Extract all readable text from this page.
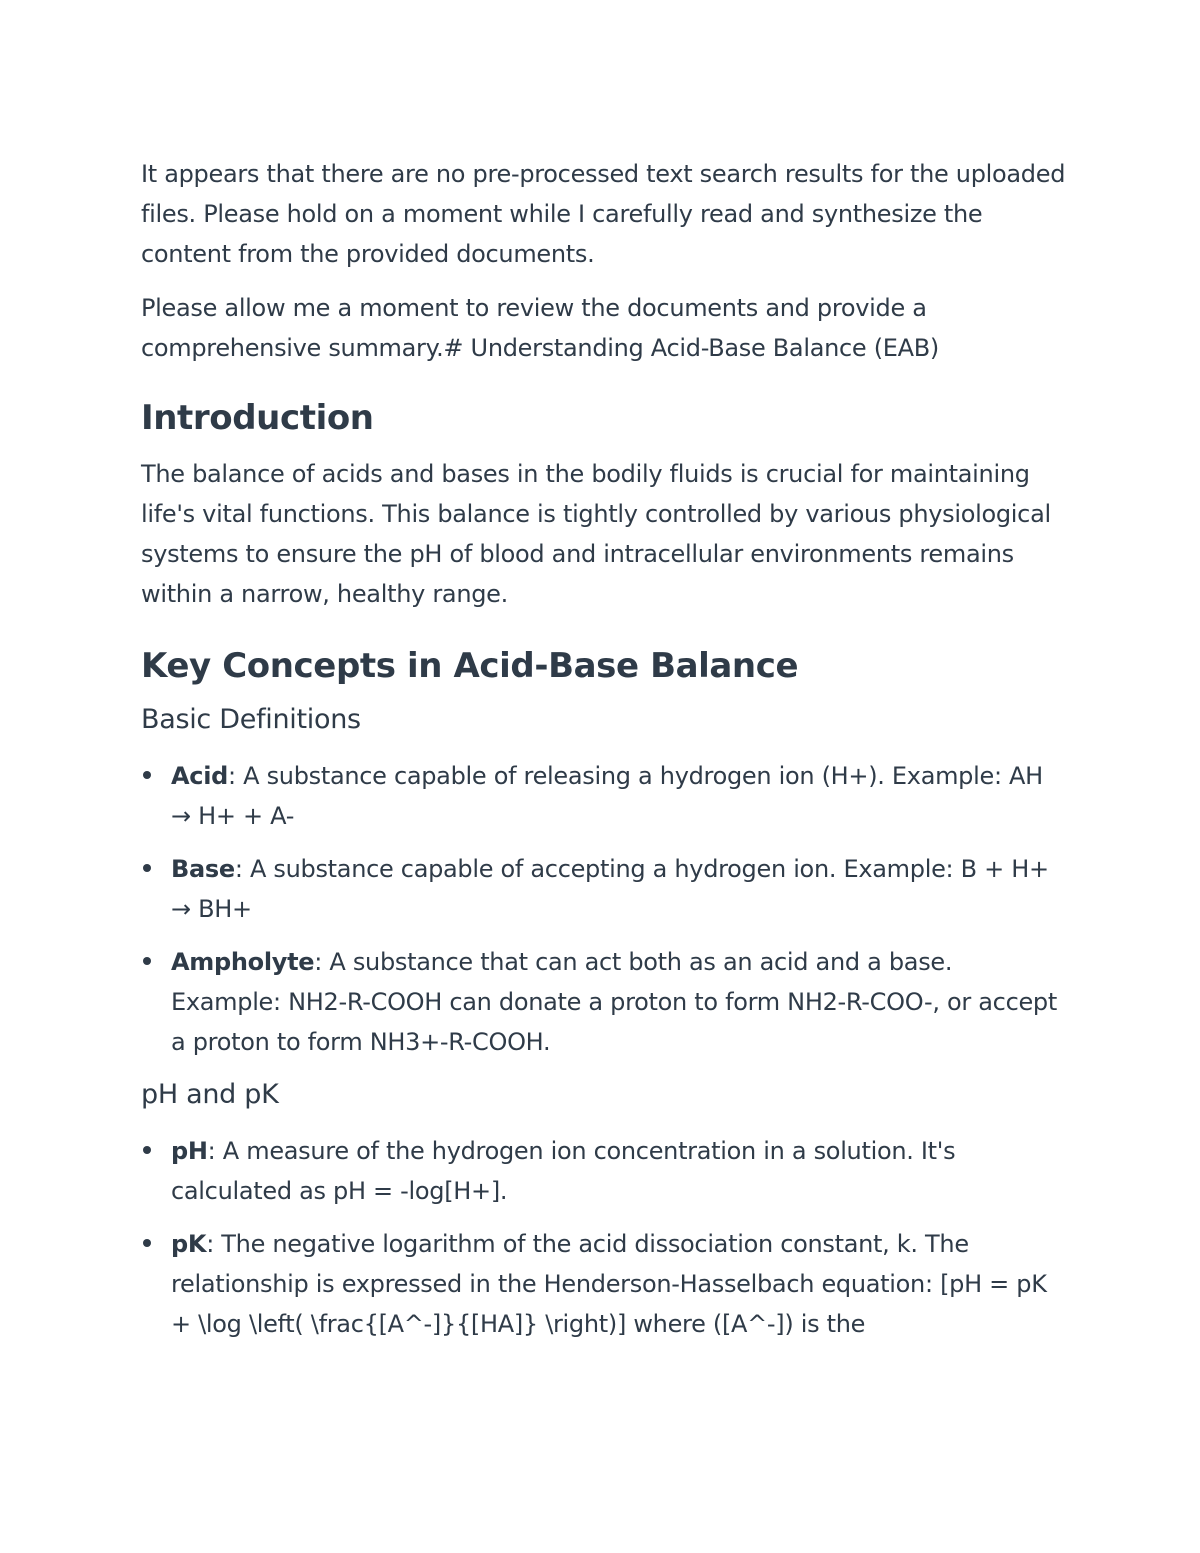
It appears that there are no pre-processed text search results for the uploaded files. Please hold on a moment while I carefully read and synthesize the content from the provided documents.

Please allow me a moment to review the documents and provide a comprehensive summary.# Understanding Acid-Base Balance (EAB)

Introduction

The balance of acids and bases in the bodily fluids is crucial for maintaining life's vital functions. This balance is tightly controlled by various physiological systems to ensure the pH of blood and intracellular environments remains within a narrow, healthy range.

Key Concepts in Acid-Base Balance
Basic Definitions
Acid: A substance capable of releasing a hydrogen ion (H+). Example: AH → H+ + A-
Base: A substance capable of accepting a hydrogen ion. Example: B + H+ → BH+
Ampholyte: A substance that can act both as an acid and a base. Example: NH2-R-COOH can donate a proton to form NH2-R-COO-, or accept a proton to form NH3+-R-COOH.
pH and pK
pH: A measure of the hydrogen ion concentration in a solution. It's calculated as pH = -log[H+].
pK: The negative logarithm of the acid dissociation constant, k. The relationship is expressed in the Henderson-Hasselbach equation: [pH = pK + \log \left( \frac{[A^-]}{[HA]} \right)] where ([A^-]) is the
